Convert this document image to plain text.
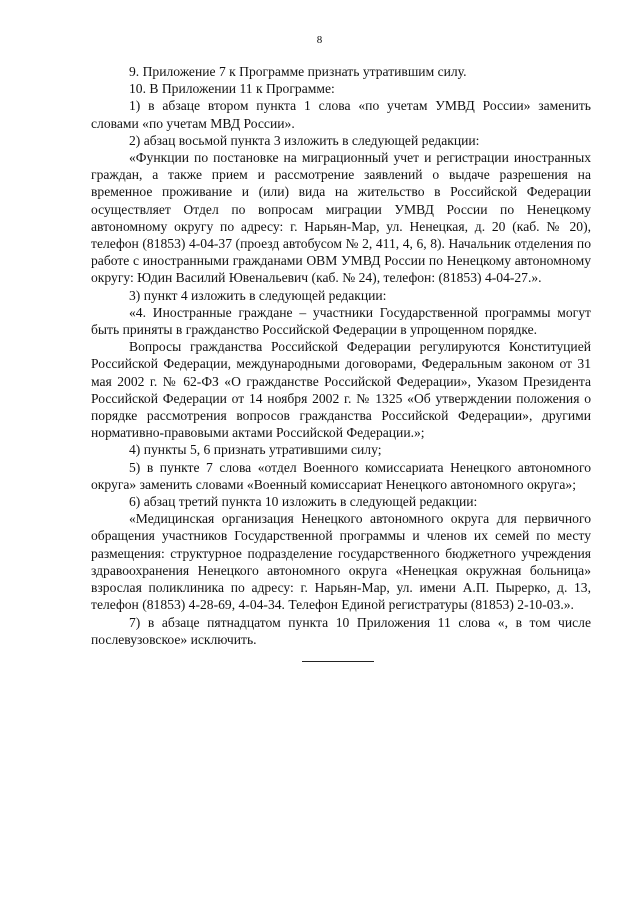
8

9. Приложение 7 к Программе признать утратившим силу.

10. В Приложении 11 к Программе:

1) в абзаце втором пункта 1 слова «по учетам УМВД России» заменить словами «по учетам МВД России».

2) абзац восьмой пункта 3 изложить в следующей редакции:

«Функции по постановке на миграционный учет и регистрации иностранных граждан, а также прием и рассмотрение заявлений о выдаче разрешения на временное проживание и (или) вида на жительство в Российской Федерации осуществляет Отдел по вопросам миграции УМВД России по Ненецкому автономному округу по адресу: г. Нарьян-Мар, ул. Ненецкая, д. 20 (каб. № 20), телефон (81853) 4-04-37 (проезд автобусом № 2, 411, 4, 6, 8). Начальник отделения по работе с иностранными гражданами ОВМ УМВД России по Ненецкому автономному округу: Юдин Василий Ювенальевич (каб. № 24), телефон: (81853) 4-04-27.».

3) пункт 4 изложить в следующей редакции:

«4. Иностранные граждане – участники Государственной программы могут быть приняты в гражданство Российской Федерации в упрощенном порядке.

Вопросы гражданства Российской Федерации регулируются Конституцией Российской Федерации, международными договорами, Федеральным законом от 31 мая 2002 г. № 62-ФЗ «О гражданстве Российской Федерации», Указом Президента Российской Федерации от 14 ноября 2002 г. № 1325 «Об утверждении положения о порядке рассмотрения вопросов гражданства Российской Федерации», другими нормативно-правовыми актами Российской Федерации.»;

4) пункты 5, 6 признать утратившими силу;

5) в пункте 7 слова «отдел Военного комиссариата Ненецкого автономного округа» заменить словами «Военный комиссариат Ненецкого автономного округа»;

6) абзац третий пункта 10 изложить в следующей редакции:

«Медицинская организация Ненецкого автономного округа для первичного обращения участников Государственной программы и членов их семей по месту размещения: структурное подразделение государственного бюджетного учреждения здравоохранения Ненецкого автономного округа «Ненецкая окружная больница» взрослая поликлиника по адресу: г. Нарьян-Мар, ул. имени А.П. Пырерко, д. 13, телефон (81853) 4-28-69, 4-04-34. Телефон Единой регистратуры (81853) 2-10-03.».

7) в абзаце пятнадцатом пункта 10 Приложения 11 слова «, в том числе послевузовское» исключить.
